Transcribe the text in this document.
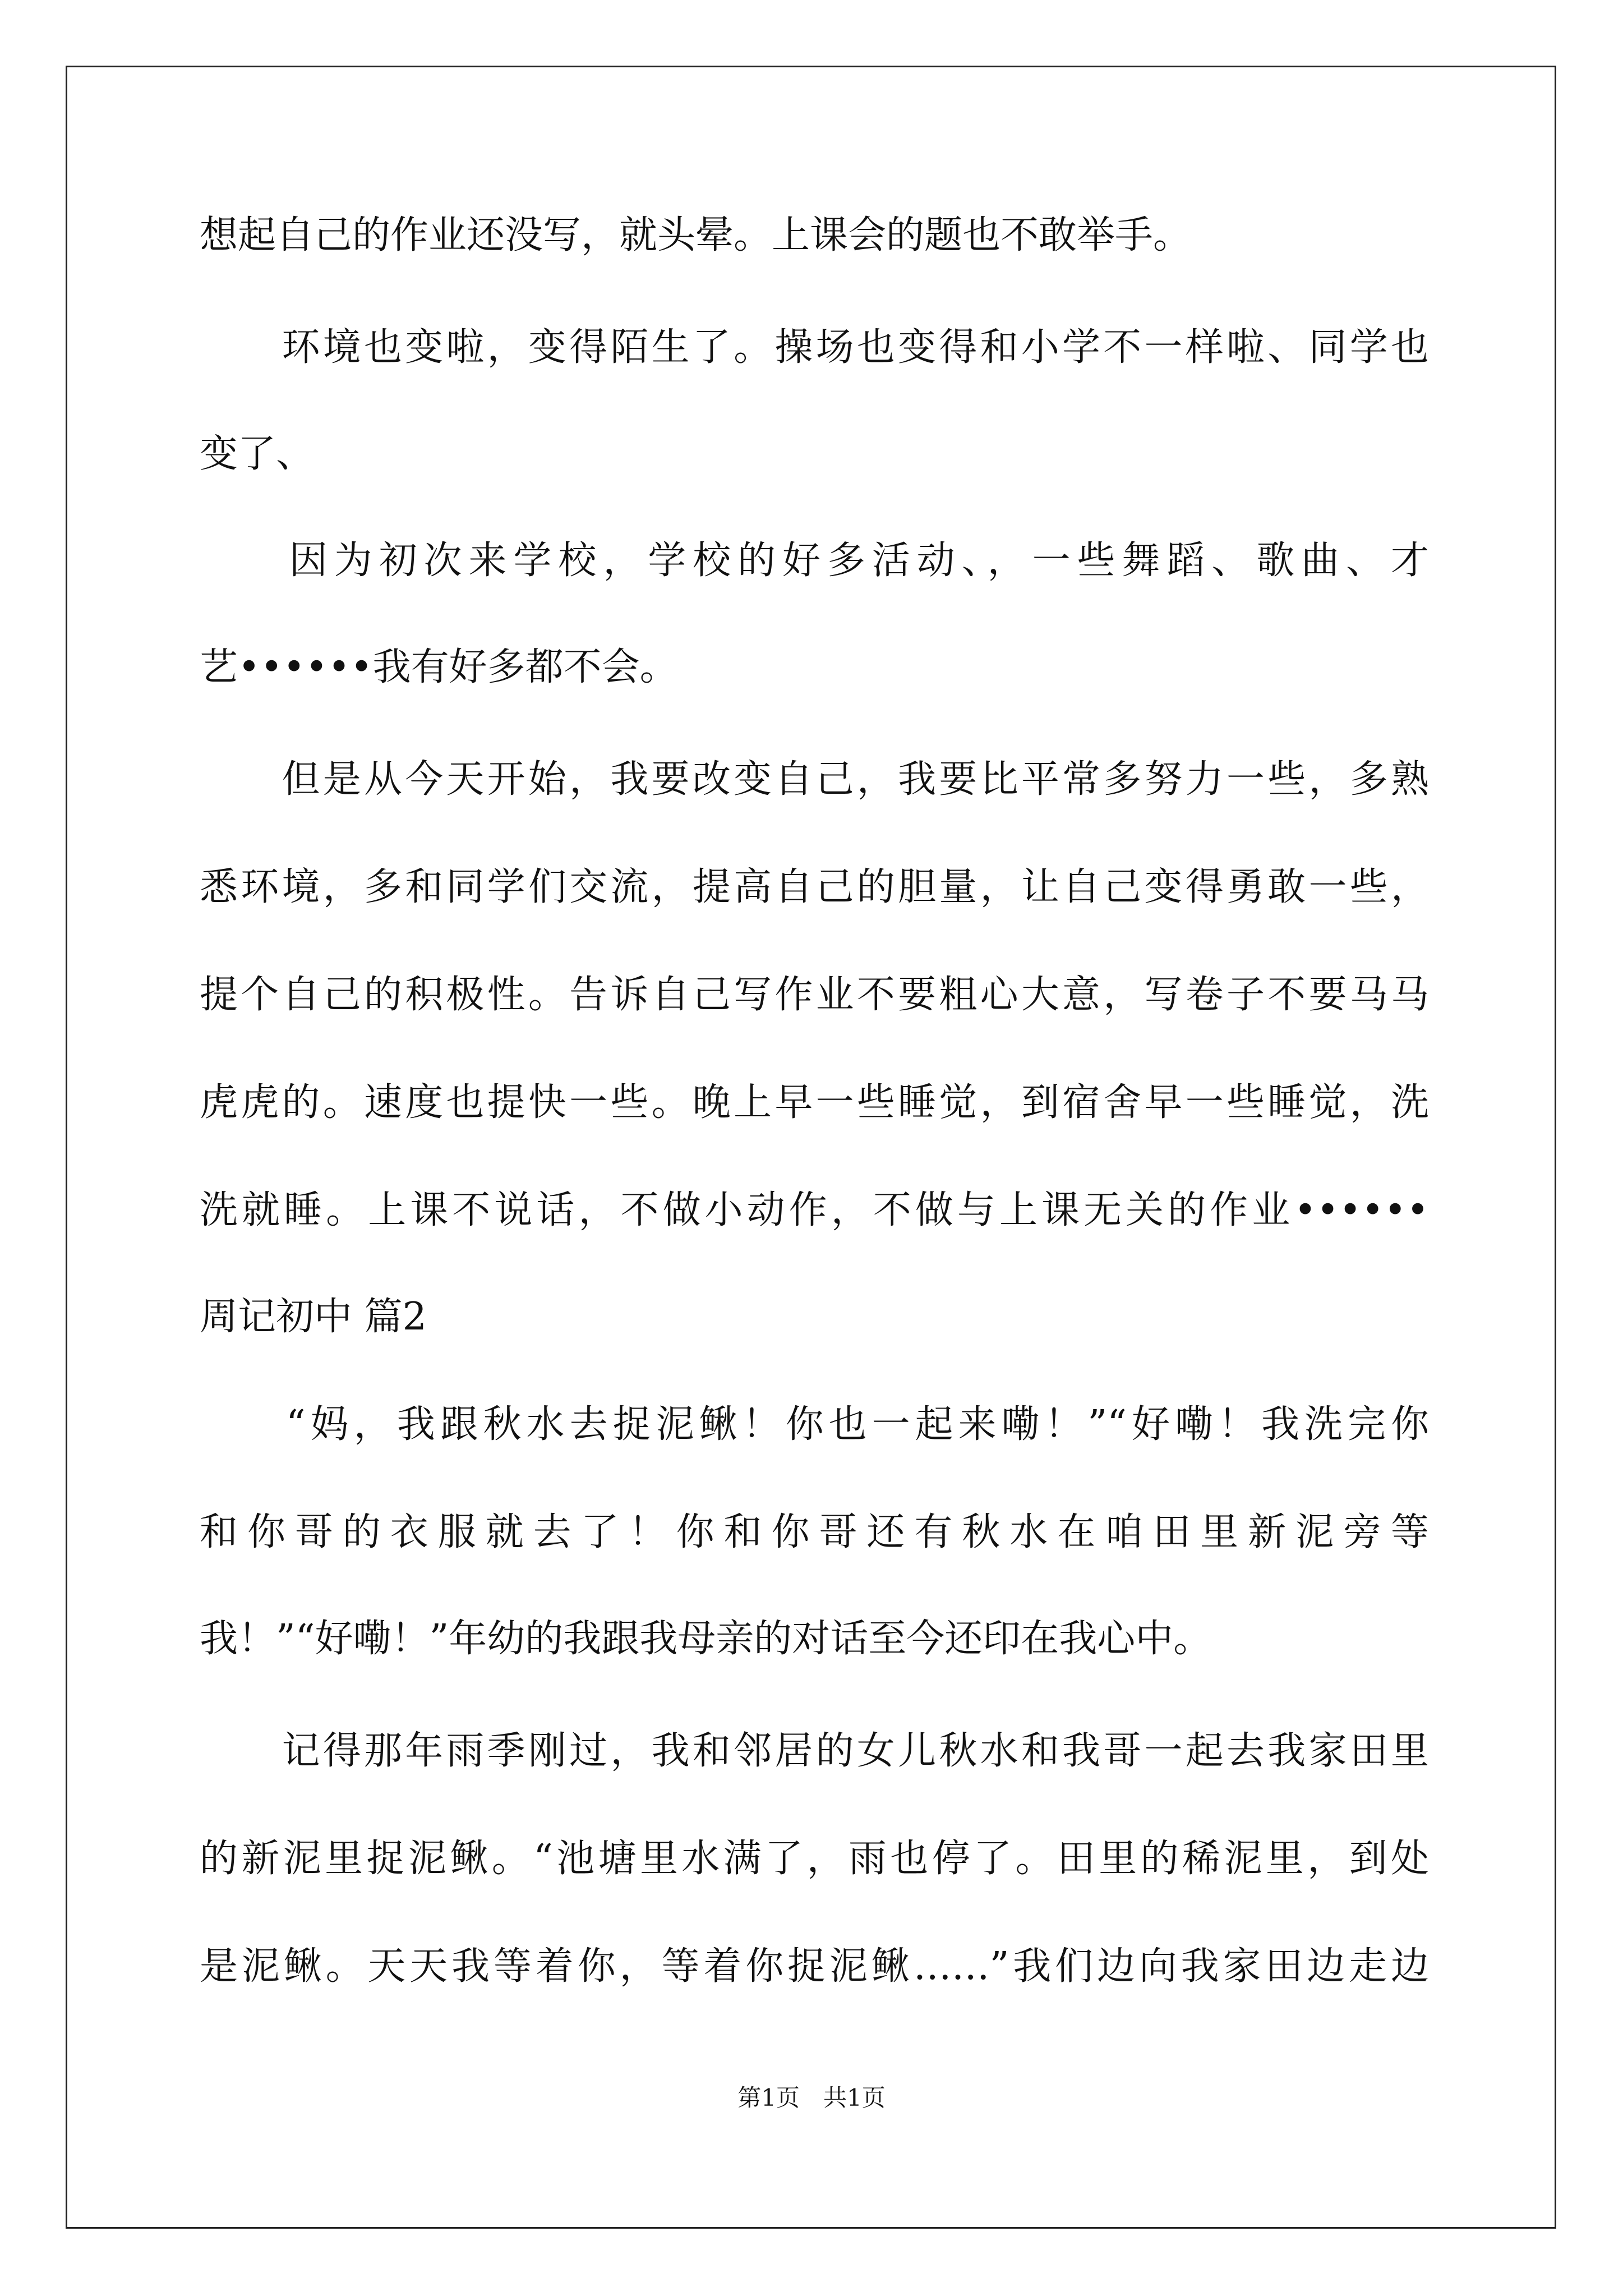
想起自己的作业还没写，就头晕。上课会的题也不敢举手。
　　环境也变啦，变得陌生了。操场也变得和小学不一样啦、同学也
变了、
　　因为初次来学校，学校的好多活动、，一些舞蹈、歌曲、才
艺••••••我有好多都不会。
　　但是从今天开始，我要改变自己，我要比平常多努力一些，多熟
悉环境，多和同学们交流，提高自己的胆量，让自己变得勇敢一些，
提个自己的积极性。告诉自己写作业不要粗心大意，写卷子不要马马
虎虎的。速度也提快一些。晚上早一些睡觉，到宿舍早一些睡觉，洗
洗就睡。上课不说话，不做小动作，不做与上课无关的作业••••••
周记初中 篇2
　　“妈，我跟秋水去捉泥鳅！你也一起来嘞！”“好嘞！我洗完你
和你哥的衣服就去了！你和你哥还有秋水在咱田里新泥旁等
我！”“好嘞！”年幼的我跟我母亲的对话至今还印在我心中。
　　记得那年雨季刚过，我和邻居的女儿秋水和我哥一起去我家田里
的新泥里捉泥鳅。“池塘里水满了，雨也停了。田里的稀泥里，到处
是泥鳅。天天我等着你，等着你捉泥鳅……”我们边向我家田边走边
第1页　共1页
